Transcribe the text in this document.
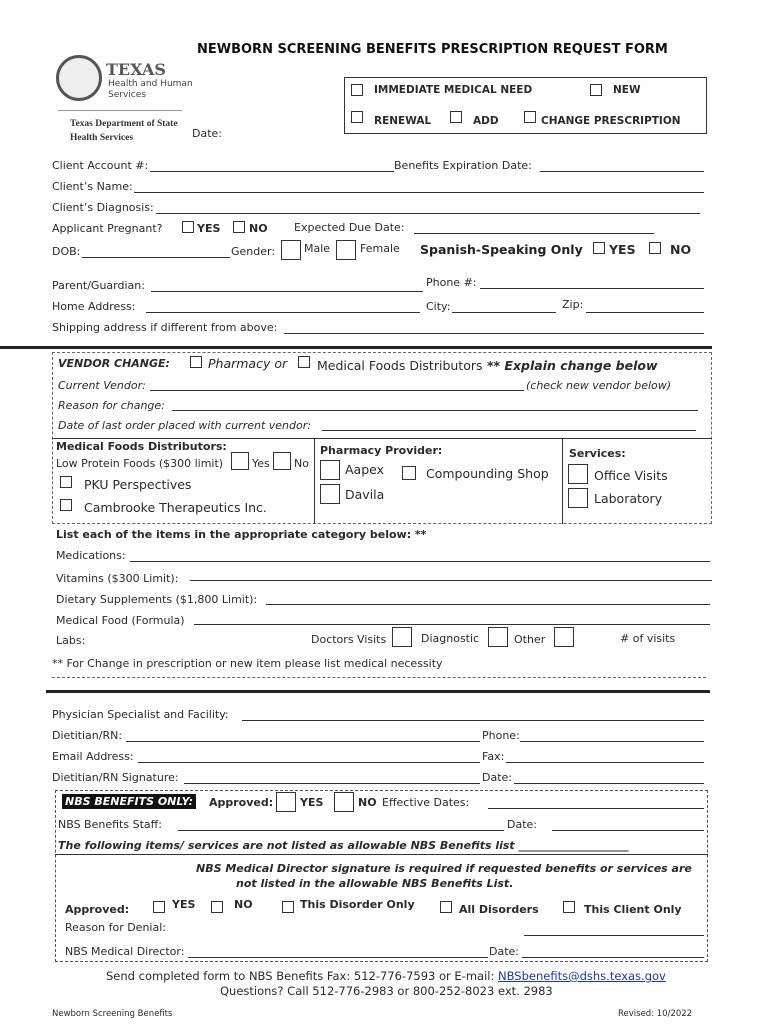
TEXAS
Health and Human
Services
Texas Department of State
Health Services	Date:
NEWBORN SCREENING BENEFITS PRESCRIPTION REQUEST FORM
IMMEDIATE MEDICAL NEED	NEW
RENEWAL	ADD	CHANGE PRESCRIPTION
Client Account #:	Benefits Expiration Date:
Client’s Name:
Client’s Diagnosis:
Applicant Pregnant?	YES	NO Expected Due Date:
DOB:	Gender:	Male	Female Spanish-Speaking Only YES	NO
Parent/Guardian:	Phone #:
Home Address:	City:	Zip:
Shipping address if different from above:
VENDOR CHANGE:	Pharmacy or Medical Foods Distributors ** Explain change below
Current Vendor:	(check new vendor below)
Reason for change:
Date of last order placed with current vendor:
Medical Foods Distributors:
Low Protein Foods ($300 limit)	Yes No
PKU Perspectives
Cambrooke Therapeutics Inc.
Pharmacy Provider:
Aapex	Compounding Shop
Davila
Services:
Office Visits
Laboratory
List each of the items in the appropriate category below: **
Medications:
Vitamins ($300 Limit):
Dietary Supplements ($1,800 Limit):
Medical Food (Formula)
Labs:	Doctors Visits	Diagnostic	Other	# of visits
** For Change in prescription or new item please list medical necessity
Physician Specialist and Facility:
Dietitian/RN:	Phone:
Email Address:	Fax:
Dietitian/RN Signature:	Date:
NBS BENEFITS ONLY: Approved: YES	NO Effective Dates:
NBS Benefits Staff:	Date:
The following items/ services are not listed as allowable NBS Benefits list ____________________
NBS Medical Director signature is required if requested benefits or services are
not listed in the allowable NBS Benefits List.
Approved:	YES	NO	This Disorder Only	All Disorders	This Client Only
Reason for Denial:
NBS Medical Director:	Date:
Send completed form to NBS Benefits Fax: 512-776-7593 or E-mail: NBSbenefits@dshs.texas.gov
Questions? Call 512-776-2983 or 800-252-8023 ext. 2983
Newborn Screening Benefits	Revised: 10/2022
